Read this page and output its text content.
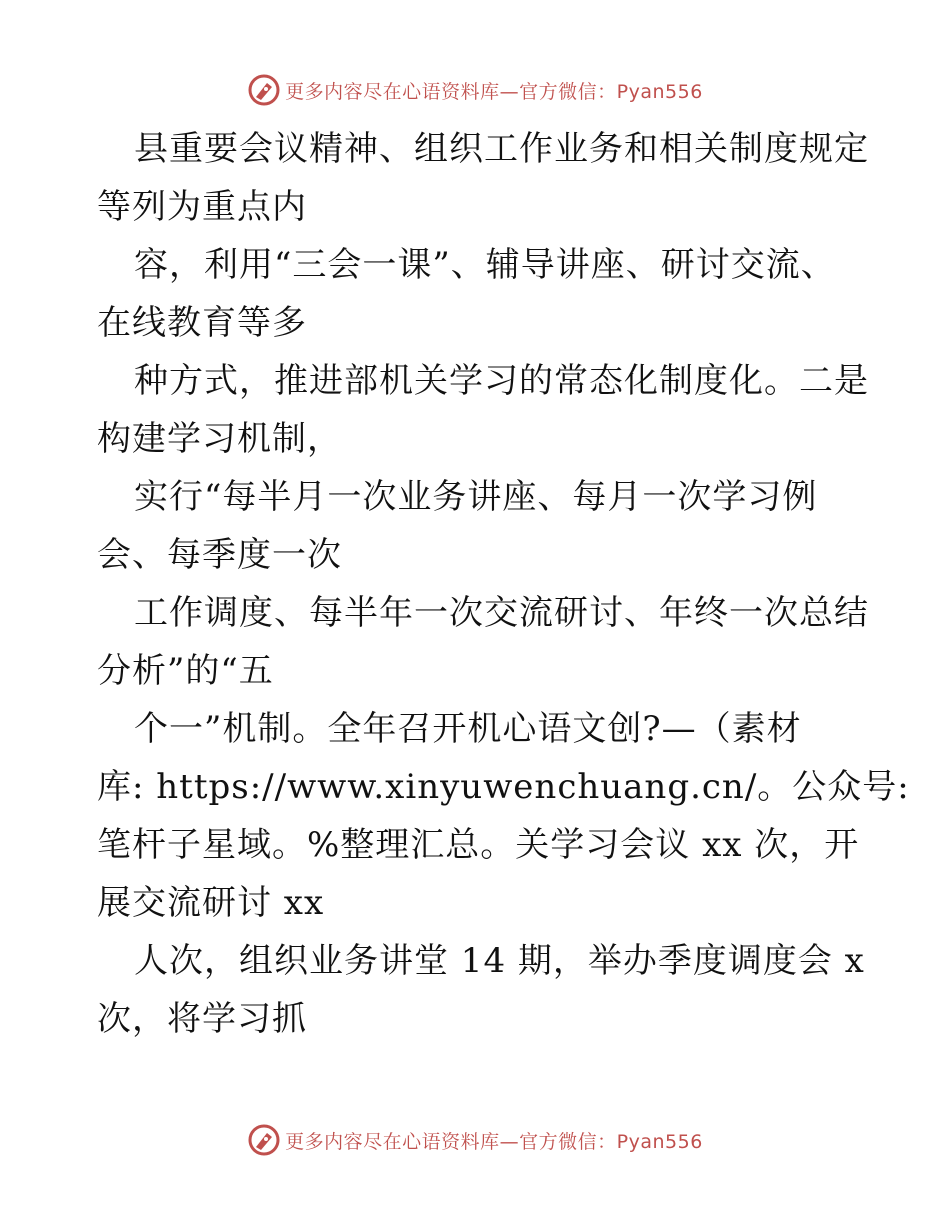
更多内容尽在心语资料库—官方微信：Pyan556
县重要会议精神、组织工作业务和相关制度规定
等列为重点内
容，利用“三会一课”、辅导讲座、研讨交流、
在线教育等多
种方式，推进部机关学习的常态化制度化。二是
构建学习机制，
实行“每半月一次业务讲座、每月一次学习例
会、每季度一次
工作调度、每半年一次交流研讨、年终一次总结
分析”的“五
个一”机制。全年召开机心语文创?—（素材
库: https://www.xinyuwenchuang.cn/。公众号:
笔杆子星域。%整理汇总。关学习会议 xx 次，开
展交流研讨 xx
人次，组织业务讲堂 14 期，举办季度调度会 x
次，将学习抓
更多内容尽在心语资料库—官方微信：Pyan556
